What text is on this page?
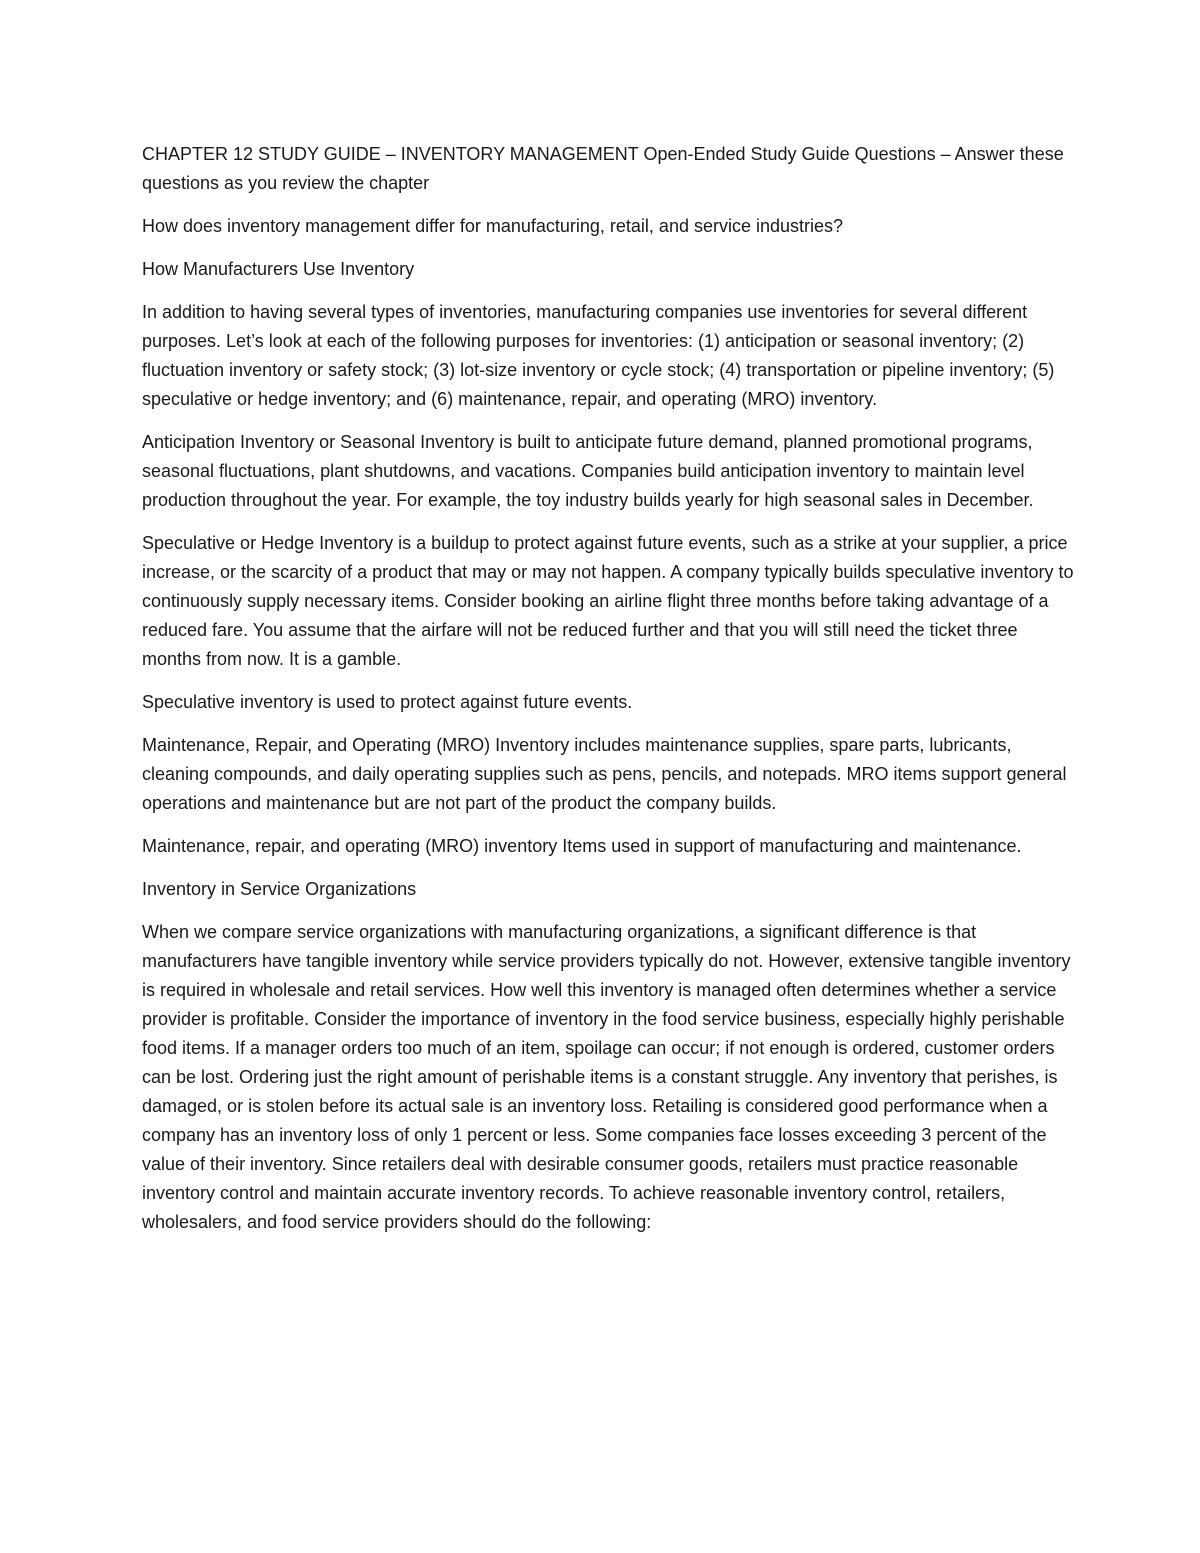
CHAPTER 12 STUDY GUIDE – INVENTORY MANAGEMENT Open-Ended Study Guide Questions – Answer these questions as you review the chapter

How does inventory management differ for manufacturing, retail, and service industries?

How Manufacturers Use Inventory

In addition to having several types of inventories, manufacturing companies use inventories for several different purposes. Let’s look at each of the following purposes for inventories: (1) anticipation or seasonal inventory; (2) fluctuation inventory or safety stock; (3) lot-size inventory or cycle stock; (4) transportation or pipeline inventory; (5) speculative or hedge inventory; and (6) maintenance, repair, and operating (MRO) inventory.

Anticipation Inventory or Seasonal Inventory is built to anticipate future demand, planned promotional programs, seasonal fluctuations, plant shutdowns, and vacations. Companies build anticipation inventory to maintain level production throughout the year. For example, the toy industry builds yearly for high seasonal sales in December.

Speculative or Hedge Inventory is a buildup to protect against future events, such as a strike at your supplier, a price increase, or the scarcity of a product that may or may not happen. A company typically builds speculative inventory to continuously supply necessary items. Consider booking an airline flight three months before taking advantage of a reduced fare. You assume that the airfare will not be reduced further and that you will still need the ticket three months from now. It is a gamble.

Speculative inventory is used to protect against future events.

Maintenance, Repair, and Operating (MRO) Inventory includes maintenance supplies, spare parts, lubricants, cleaning compounds, and daily operating supplies such as pens, pencils, and notepads. MRO items support general operations and maintenance but are not part of the product the company builds.

Maintenance, repair, and operating (MRO) inventory Items used in support of manufacturing and maintenance.

Inventory in Service Organizations

When we compare service organizations with manufacturing organizations, a significant difference is that manufacturers have tangible inventory while service providers typically do not. However, extensive tangible inventory is required in wholesale and retail services. How well this inventory is managed often determines whether a service provider is profitable. Consider the importance of inventory in the food service business, especially highly perishable food items. If a manager orders too much of an item, spoilage can occur; if not enough is ordered, customer orders can be lost. Ordering just the right amount of perishable items is a constant struggle. Any inventory that perishes, is damaged, or is stolen before its actual sale is an inventory loss. Retailing is considered good performance when a company has an inventory loss of only 1 percent or less. Some companies face losses exceeding 3 percent of the value of their inventory. Since retailers deal with desirable consumer goods, retailers must practice reasonable inventory control and maintain accurate inventory records. To achieve reasonable inventory control, retailers, wholesalers, and food service providers should do the following:
